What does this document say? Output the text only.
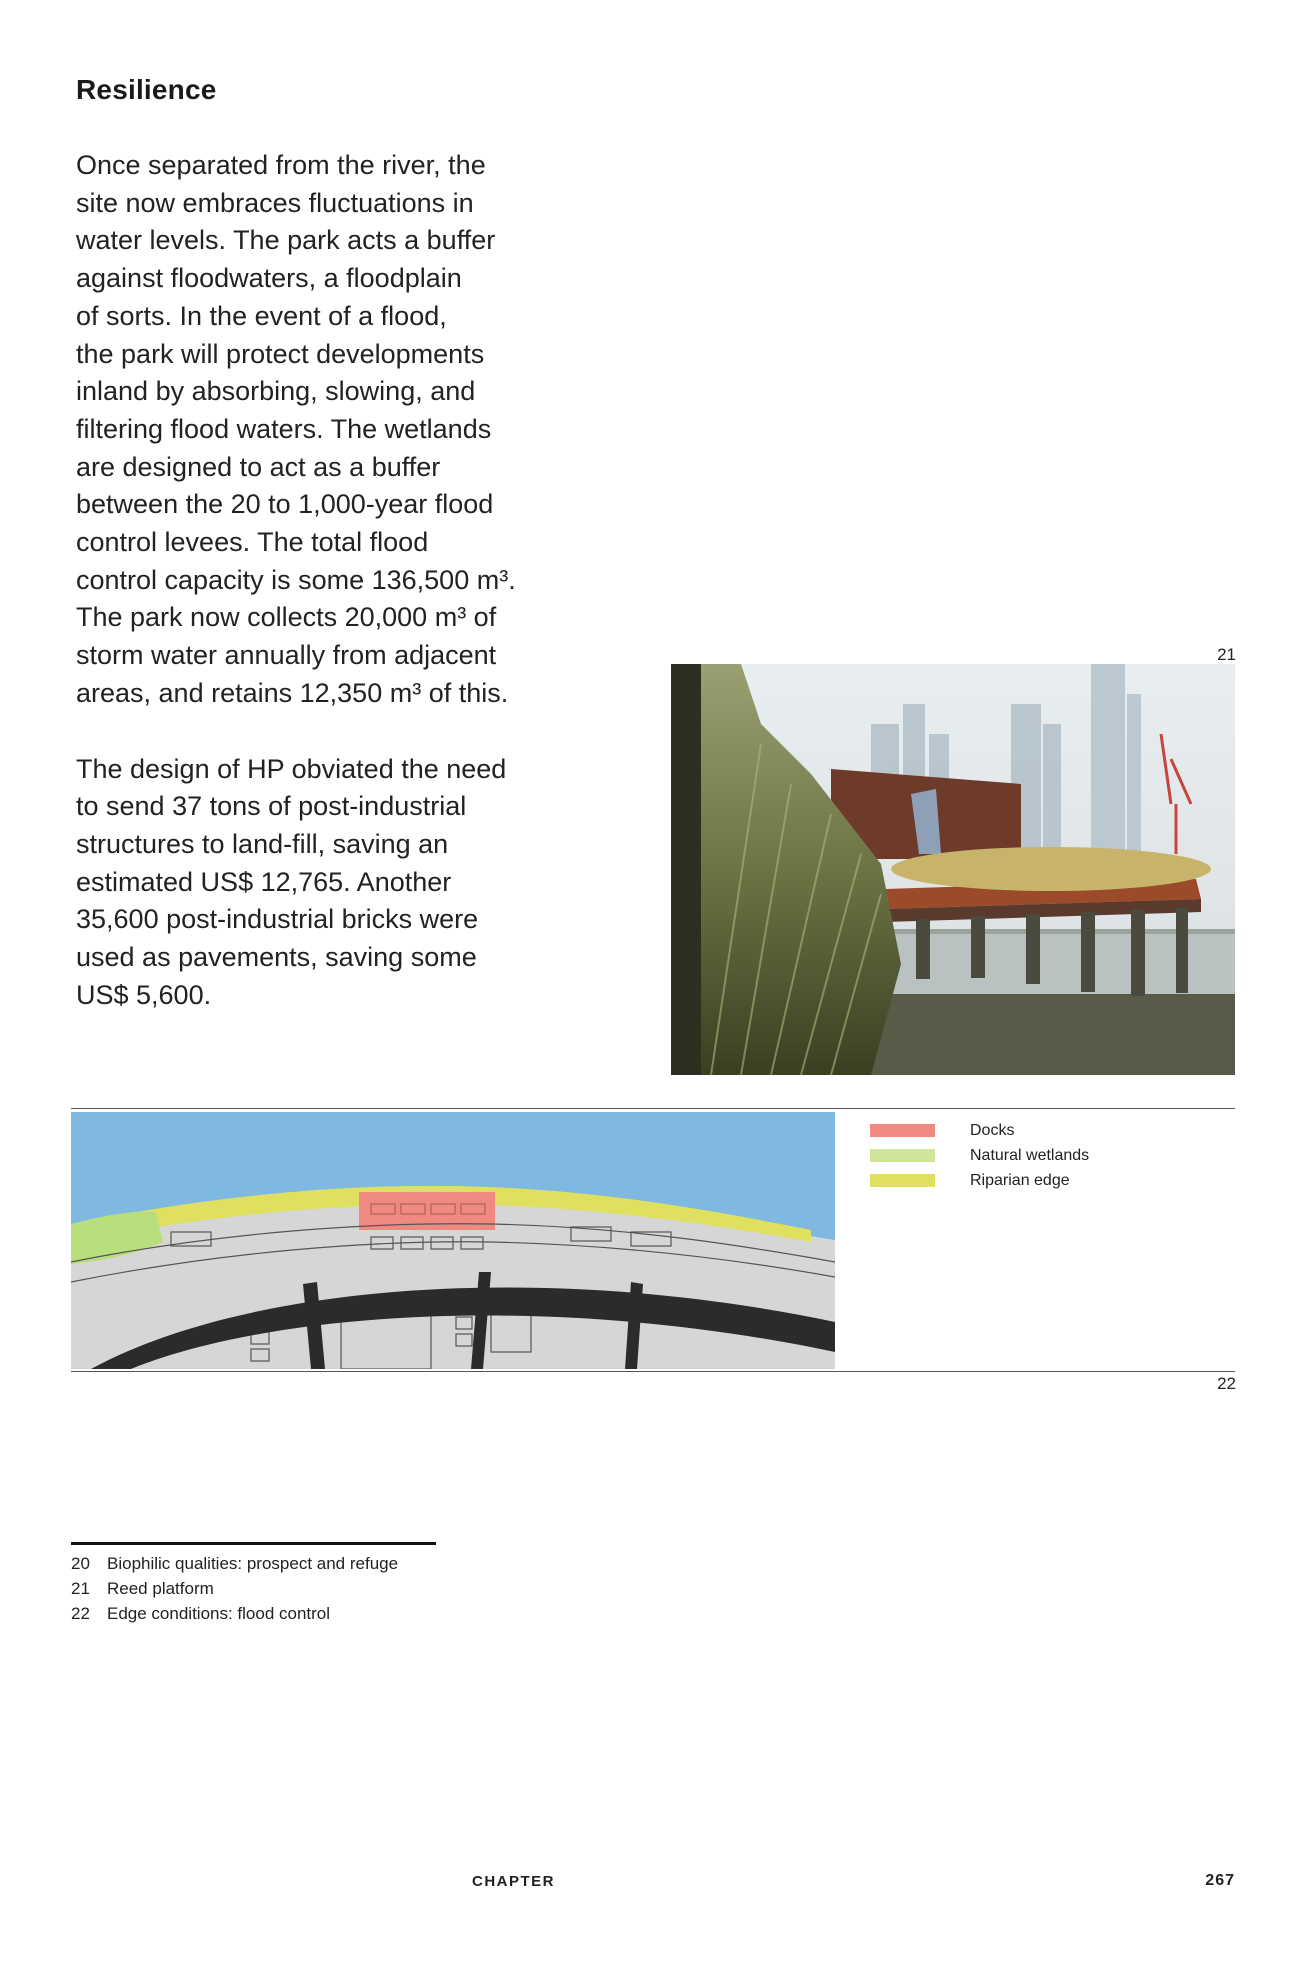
Resilience

Once separated from the river, the
site now embraces fluctuations in
water levels. The park acts a buffer
against floodwaters, a floodplain
of sorts. In the event of a flood,
the park will protect developments
inland by absorbing, slowing, and
filtering flood waters. The wetlands
are designed to act as a buffer
between the 20 to 1,000-year flood
control levees. The total flood
control capacity is some 136,500 m³.
The park now collects 20,000 m³ of
storm water annually from adjacent
areas, and retains 12,350 m³ of this.

The design of HP obviated the need
to send 37 tons of post-industrial
structures to land-fill, saving an
estimated US$ 12,765. Another
35,600 post-industrial bricks were
used as pavements, saving some
US$ 5,600.

21
Docks
Natural wetlands
Riparian edge
22
20	Biophilic qualities: prospect and refuge
21	Reed platform
22	Edge conditions: flood control
CHAPTER	267
